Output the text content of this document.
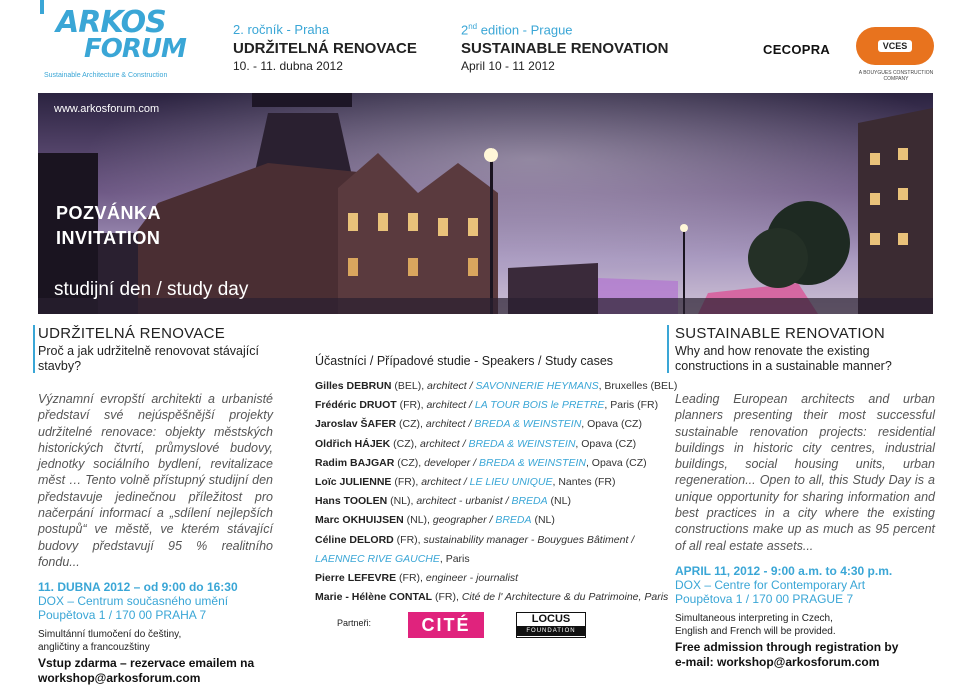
ARKOS
FORUM
Sustainable Architecture & Construction
2. ročník - Praha
UDRŽITELNÁ RENOVACE
10. - 11. dubna 2012
2nd edition - Prague
SUSTAINABLE RENOVATION
April 10 - 11 2012
CECOPRA	VCES
A BOUYGUES CONSTRUCTION COMPANY
www.arkosforum.com
POZVÁNKA
INVITATION
studijní den / study day
UDRŽITELNÁ RENOVACE
Proč a jak udržitelně renovovat stávající stavby?
Významní evropští architekti a urbanisté představí své nejúspěšnější projekty udržitelné renovace: objekty městských historických čtvrtí, průmyslové budovy, jednotky sociálního bydlení, revitalizace měst … Tento volně přístupný studijní den představuje jedinečnou příležitost pro načerpání informací a „sdílení nejlepších postupů“ ve městě, ve kterém stávající budovy představují 95 % realitního fondu...
11. DUBNA 2012 – od 9:00 do 16:30
DOX – Centrum současného umění
Poupětova 1 / 170 00 PRAHA 7
Simultánní tlumočení do češtiny, angličtiny a francouzštiny
Vstup zdarma – rezervace emailem na
workshop@arkosforum.com
Účastníci / Případové studie - Speakers / Study cases
Gilles DEBRUN (BEL), architect / SAVONNERIE HEYMANS, Bruxelles (BEL)
Frédéric DRUOT (FR), architect / LA TOUR BOIS le PRETRE, Paris (FR)
Jaroslav ŠAFER (CZ), architect / BREDA & WEINSTEIN, Opava (CZ)
Oldřich HÁJEK (CZ), architect / BREDA & WEINSTEIN, Opava (CZ)
Radim BAJGAR (CZ), developer / BREDA & WEINSTEIN, Opava (CZ)
Loïc JULIENNE (FR), architect / LE LIEU UNIQUE, Nantes (FR)
Hans TOOLEN (NL), architect - urbanist / BREDA (NL)
Marc OKHUIJSEN (NL), geographer / BREDA (NL)
Céline DELORD (FR), sustainability manager - Bouygues Bâtiment /
LAENNEC RIVE GAUCHE, Paris
Pierre LEFEVRE (FR), engineer - journalist
Marie - Hélène CONTAL (FR), Cité de l' Architecture & du Patrimoine, Paris
Partneři:	CITÉ	LOCUS
FOUNDATION
SUSTAINABLE RENOVATION
Why and how renovate the existing constructions in a sustainable manner?
Leading European architects and urban planners presenting their most successful sustainable renovation projects: residential buildings in historic city centres, industrial buildings, social housing units, urban regeneration... Open to all, this Study Day is a unique opportunity for sharing information and best practices in a city where the existing constructions make up as much as 95 percent of all real estate assets...
APRIL 11, 2012 - 9:00 a.m. to 4:30 p.m.
DOX – Centre for Contemporary Art
Poupětova 1 / 170 00 PRAGUE 7
Simultaneous interpreting in Czech, English and French will be provided.
Free admission through registration by
e-mail: workshop@arkosforum.com
